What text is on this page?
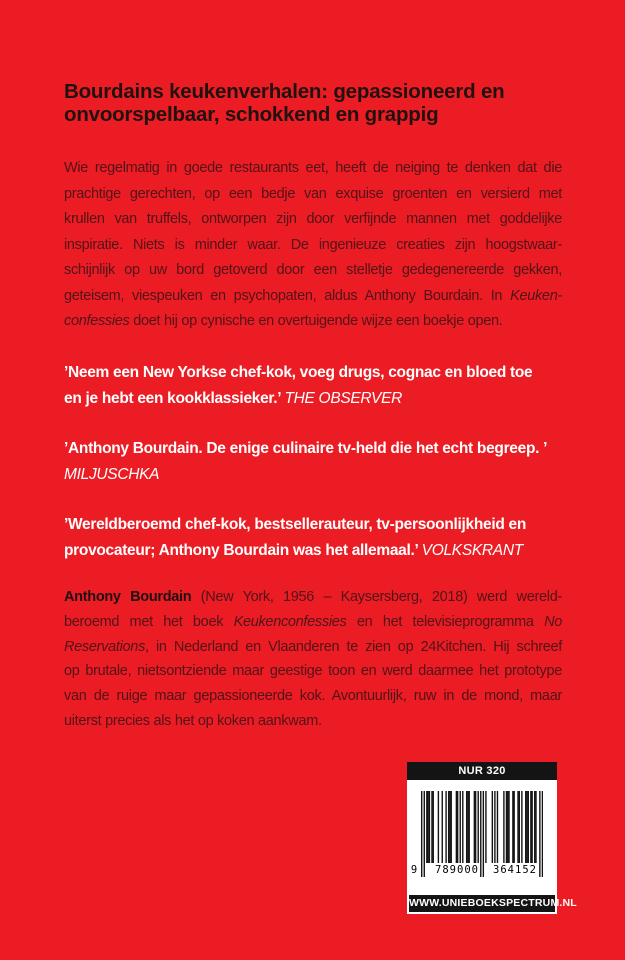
Bourdains keukenverhalen: gepassioneerd en
onvoorspelbaar, schokkend en grappig
Wie regelmatig in goede restaurants eet, heeft de neiging te denken dat die
prachtige gerechten, op een bedje van exquise groenten en versierd met
krullen van truffels, ontworpen zijn door verfijnde mannen met goddelijke
inspiratie. Niets is minder waar. De ingenieuze creaties zijn hoogstwaar-
schijnlijk op uw bord getoverd door een stelletje gedegenereerde gekken,
geteisem, viespeuken en psychopaten, aldus Anthony Bourdain. In Keuken-
confessies doet hij op cynische en overtuigende wijze een boekje open.
’Neem een New Yorkse chef-kok, voeg drugs, cognac en bloed toe
en je hebt een kookklassieker.’ THE OBSERVER
’Anthony Bourdain. De enige culinaire tv-held die het echt begreep. ’
MILJUSCHKA
’Wereldberoemd chef-kok, bestsellerauteur, tv-persoonlijkheid en
provocateur; Anthony Bourdain was het allemaal.’ VOLKSKRANT
Anthony Bourdain (New York, 1956 – Kaysersberg, 2018) werd wereld-
beroemd met het boek Keukenconfessies en het televisieprogramma No
Reservations, in Nederland en Vlaanderen te zien op 24Kitchen. Hij schreef
op brutale, nietsontziende maar geestige toon en werd daarmee het prototype
van de ruige maar gepassioneerde kok. Avontuurlijk, ruw in de mond, maar
uiterst precies als het op koken aankwam.
NUR 320
9	789000	364152
WWW.UNIEBOEKSPECTRUM.NL
